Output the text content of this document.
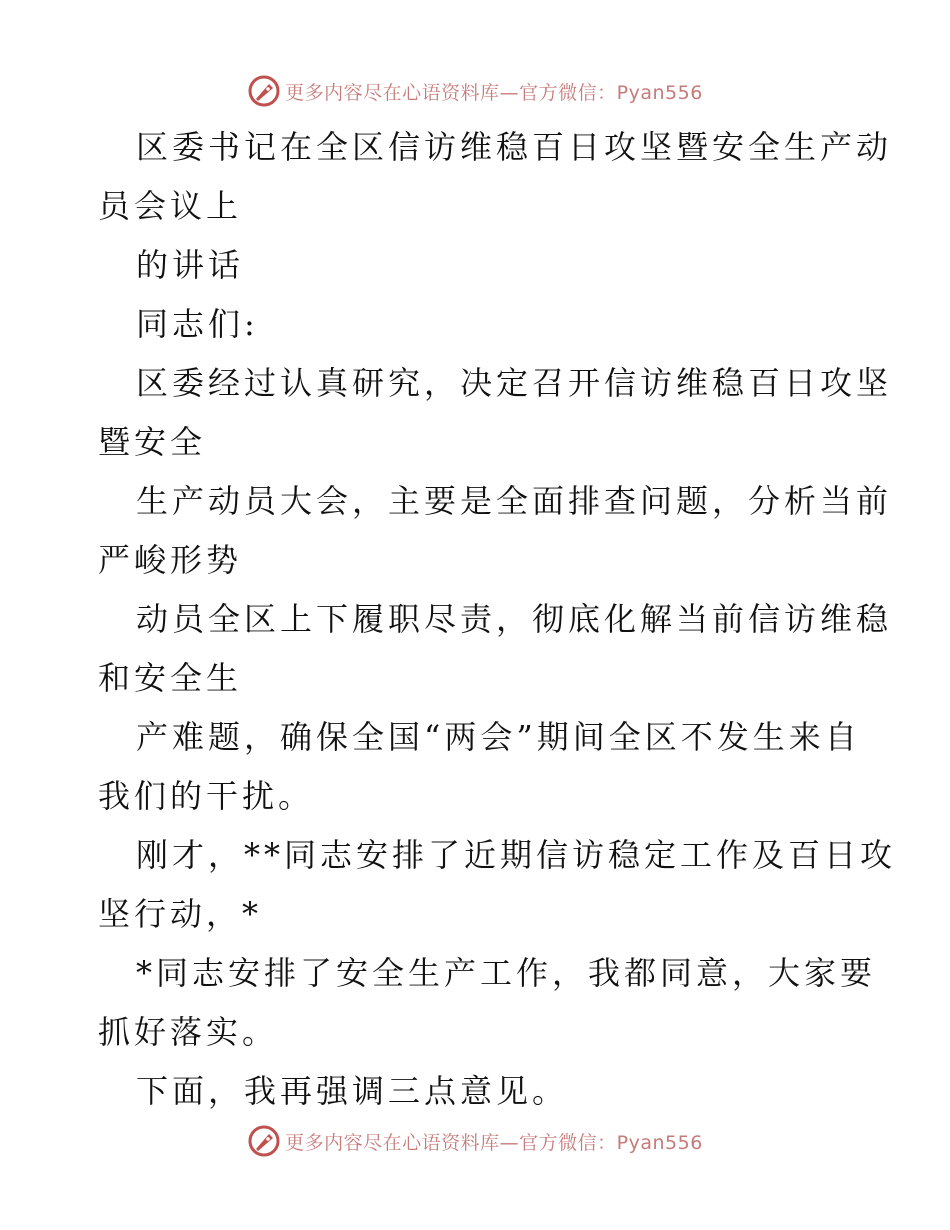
更多内容尽在心语资料库—官方微信：Pyan556
区委书记在全区信访维稳百日攻坚暨安全生产动
员会议上
的讲话
同志们:
区委经过认真研究，决定召开信访维稳百日攻坚
暨安全
生产动员大会，主要是全面排查问题，分析当前
严峻形势
动员全区上下履职尽责，彻底化解当前信访维稳
和安全生
产难题，确保全国“两会”期间全区不发生来自
我们的干扰。
刚才，**同志安排了近期信访稳定工作及百日攻
坚行动，*
*同志安排了安全生产工作，我都同意，大家要
抓好落实。
下面，我再强调三点意见。
更多内容尽在心语资料库—官方微信：Pyan556
